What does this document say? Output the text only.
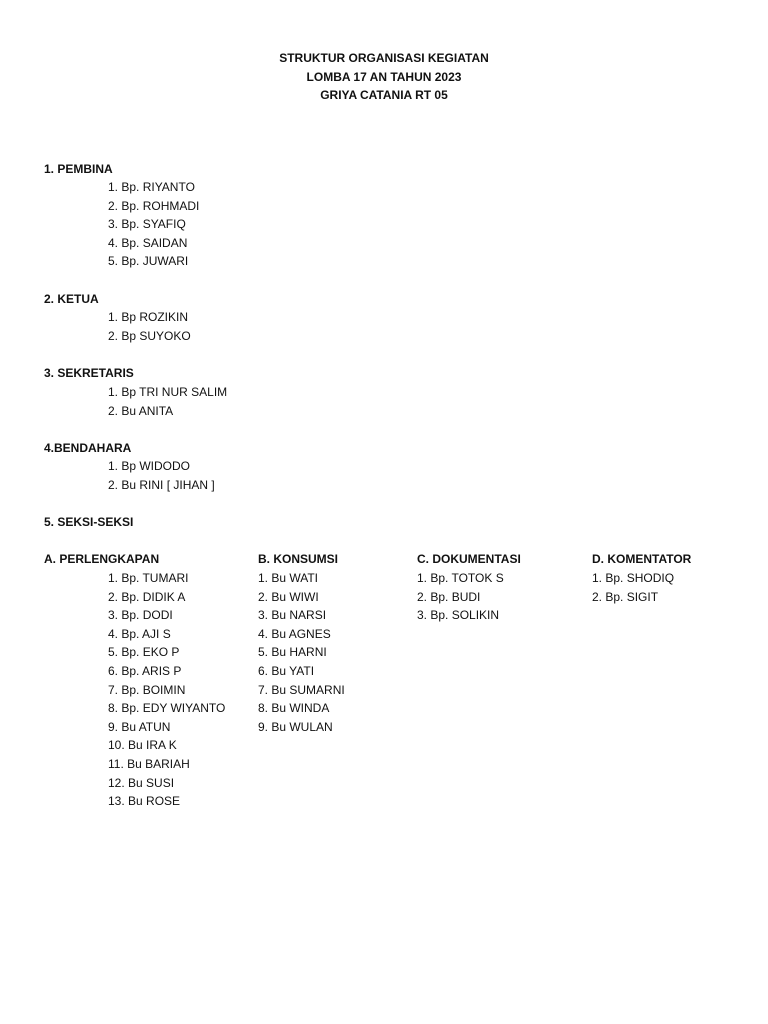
STRUKTUR ORGANISASI KEGIATAN
LOMBA 17 AN TAHUN 2023
GRIYA CATANIA RT 05
1. PEMBINA
1. Bp. RIYANTO
2. Bp. ROHMADI
3. Bp. SYAFIQ
4. Bp. SAIDAN
5. Bp. JUWARI
2. KETUA
1. Bp ROZIKIN
2. Bp SUYOKO
3. SEKRETARIS
1. Bp TRI NUR SALIM
2. Bu ANITA
4.BENDAHARA
1. Bp WIDODO
2. Bu RINI [ JIHAN ]
5. SEKSI-SEKSI
A. PERLENGKAPAN
1. Bp. TUMARI
2. Bp. DIDIK A
3. Bp. DODI
4. Bp. AJI S
5. Bp. EKO P
6. Bp. ARIS P
7. Bp. BOIMIN
8. Bp. EDY WIYANTO
9. Bu ATUN
10. Bu IRA K
11. Bu BARIAH
12. Bu SUSI
13. Bu ROSE
B. KONSUMSI
1. Bu WATI
2. Bu WIWI
3. Bu NARSI
4. Bu AGNES
5. Bu HARNI
6. Bu YATI
7. Bu SUMARNI
8. Bu WINDA
9. Bu WULAN
C. DOKUMENTASI
1. Bp. TOTOK S
2. Bp. BUDI
3. Bp. SOLIKIN
D. KOMENTATOR
1. Bp. SHODIQ
2. Bp. SIGIT
